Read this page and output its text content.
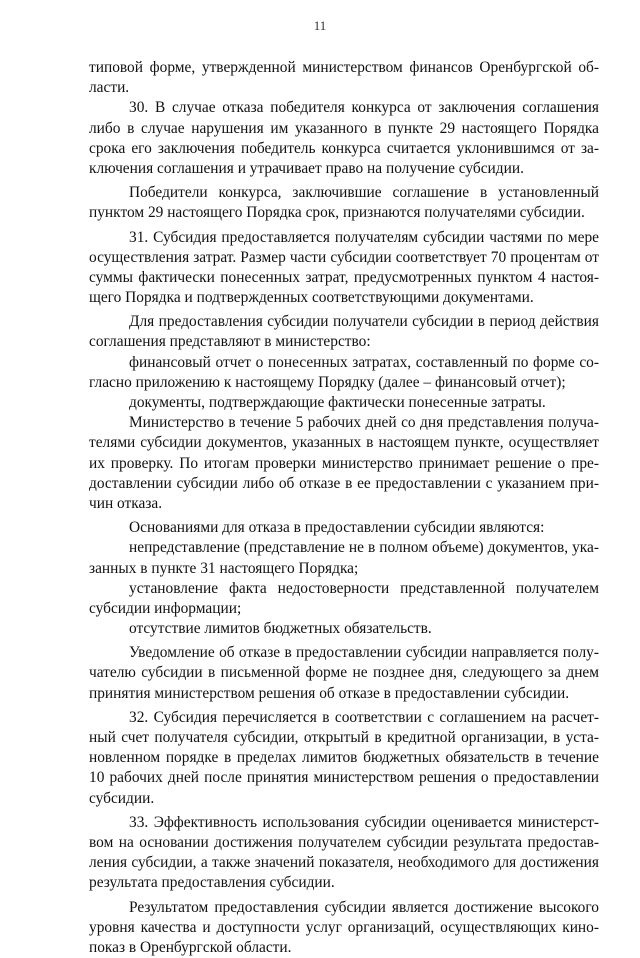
11
типовой форме, утвержденной министерством финансов Оренбургской об-
ласти.
30. В случае отказа победителя конкурса от заключения соглашения
либо в случае нарушения им указанного в пункте 29 настоящего Порядка
срока его заключения победитель конкурса считается уклонившимся от за-
ключения соглашения и утрачивает право на получение субсидии.
Победители конкурса, заключившие соглашение в установленный
пунктом 29 настоящего Порядка срок, признаются получателями субсидии.
31. Субсидия предоставляется получателям субсидии частями по мере
осуществления затрат. Размер части субсидии соответствует 70 процентам от
суммы фактически понесенных затрат, предусмотренных пунктом 4 настоя-
щего Порядка и подтвержденных соответствующими документами.
Для предоставления субсидии получатели субсидии в период действия
соглашения представляют в министерство:
финансовый отчет о понесенных затратах, составленный по форме со-
гласно приложению к настоящему Порядку (далее – финансовый отчет);
документы, подтверждающие фактически понесенные затраты.
Министерство в течение 5 рабочих дней со дня представления получа-
телями субсидии документов, указанных в настоящем пункте, осуществляет
их проверку. По итогам проверки министерство принимает решение о пре-
доставлении субсидии либо об отказе в ее предоставлении с указанием при-
чин отказа.
Основаниями для отказа в предоставлении субсидии являются:
непредставление (представление не в полном объеме) документов, ука-
занных в пункте 31 настоящего Порядка;
установление факта недостоверности представленной получателем
субсидии информации;
отсутствие лимитов бюджетных обязательств.
Уведомление об отказе в предоставлении субсидии направляется полу-
чателю субсидии в письменной форме не позднее дня, следующего за днем
принятия министерством решения об отказе в предоставлении субсидии.
32. Субсидия перечисляется в соответствии с соглашением на расчет-
ный счет получателя субсидии, открытый в кредитной организации, в уста-
новленном порядке в пределах лимитов бюджетных обязательств в течение
10 рабочих дней после принятия министерством решения о предоставлении
субсидии.
33. Эффективность использования субсидии оценивается министерст-
вом на основании достижения получателем субсидии результата предостав-
ления субсидии, а также значений показателя, необходимого для достижения
результата предоставления субсидии.
Результатом предоставления субсидии является достижение высокого
уровня качества и доступности услуг организаций, осуществляющих кино-
показ в Оренбургской области.
